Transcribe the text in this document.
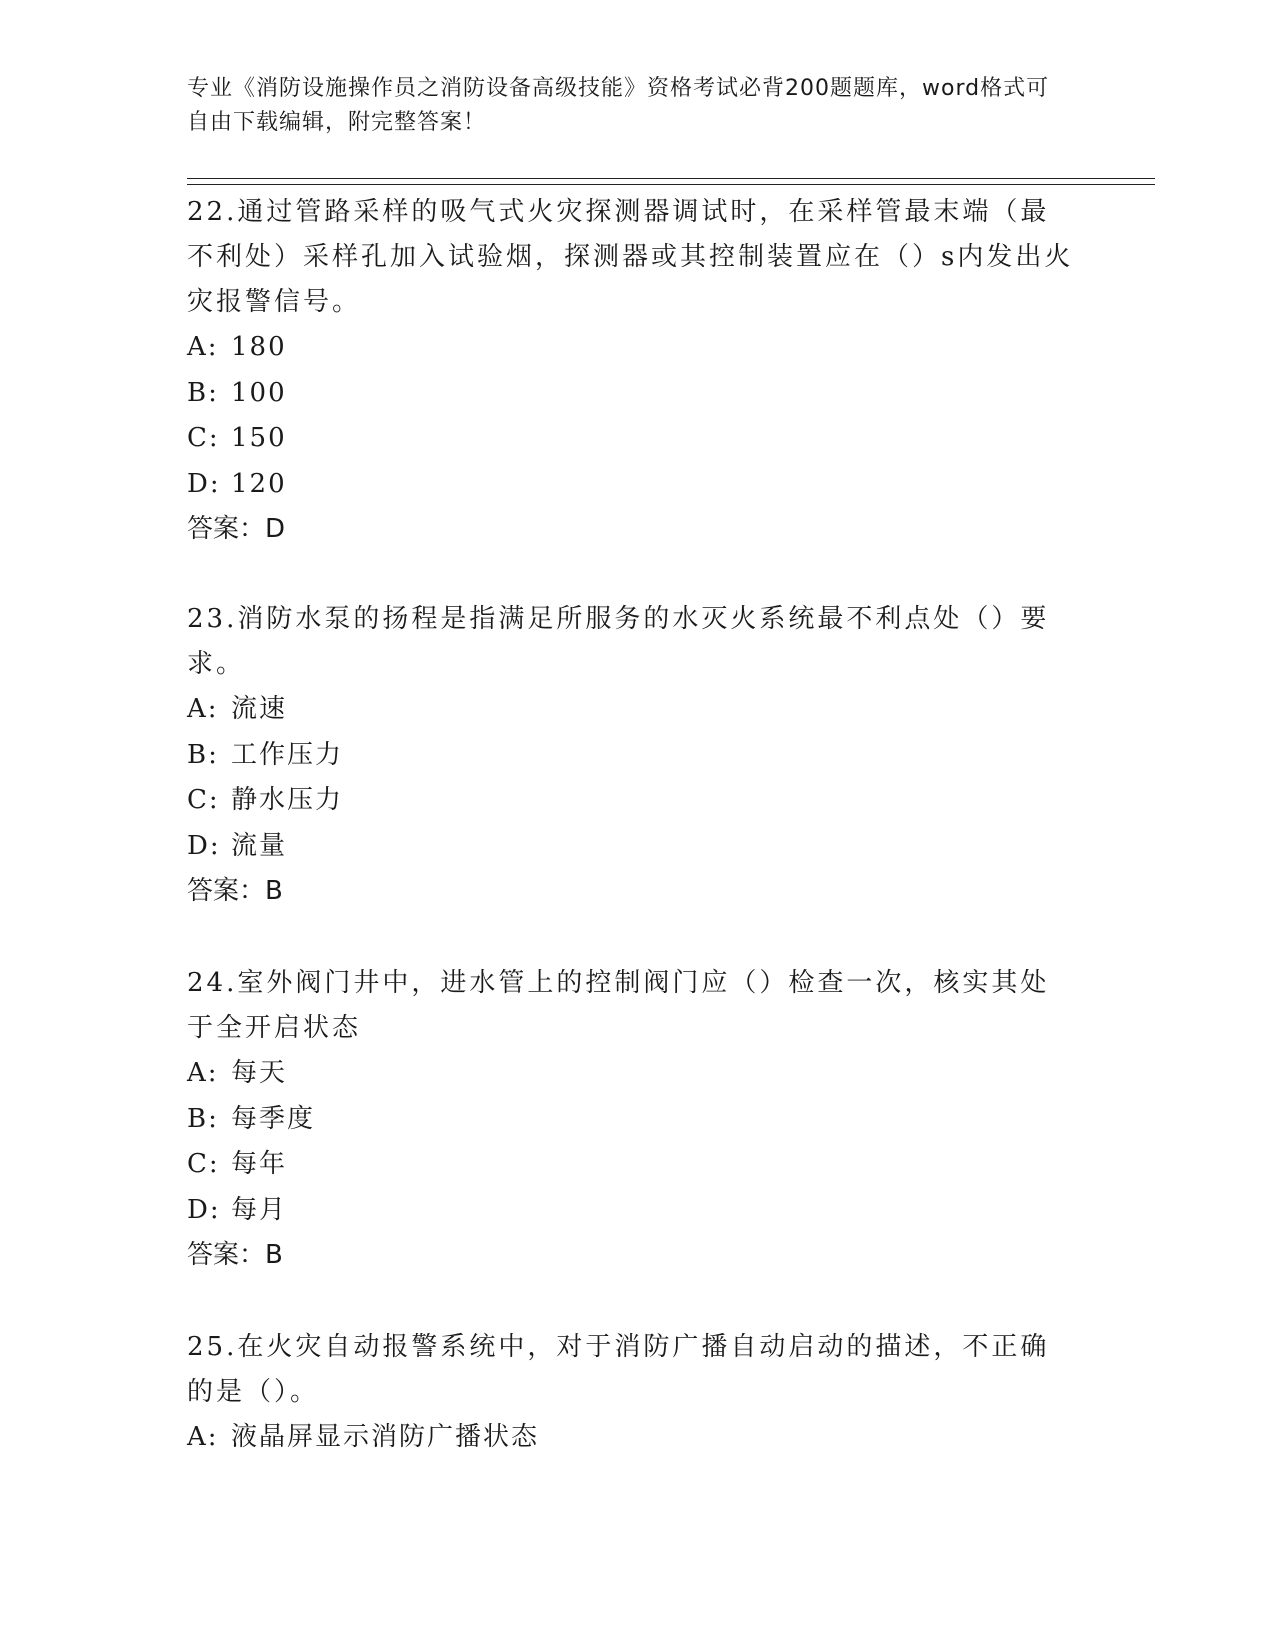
专业《消防设施操作员之消防设备高级技能》资格考试必背200题题库，word格式可自由下载编辑，附完整答案！

22.通过管路采样的吸气式火灾探测器调试时，在采样管最末端（最不利处）采样孔加入试验烟，探测器或其控制装置应在（）s内发出火灾报警信号。

A: 180

B: 100

C: 150

D: 120

答案：D

23.消防水泵的扬程是指满足所服务的水灭火系统最不利点处（）要求。

A: 流速

B: 工作压力

C: 静水压力

D: 流量

答案：B

24.室外阀门井中，进水管上的控制阀门应（）检查一次，核实其处于全开启状态

A: 每天

B: 每季度

C: 每年

D: 每月

答案：B

25.在火灾自动报警系统中，对于消防广播自动启动的描述，不正确的是（）。

A: 液晶屏显示消防广播状态
